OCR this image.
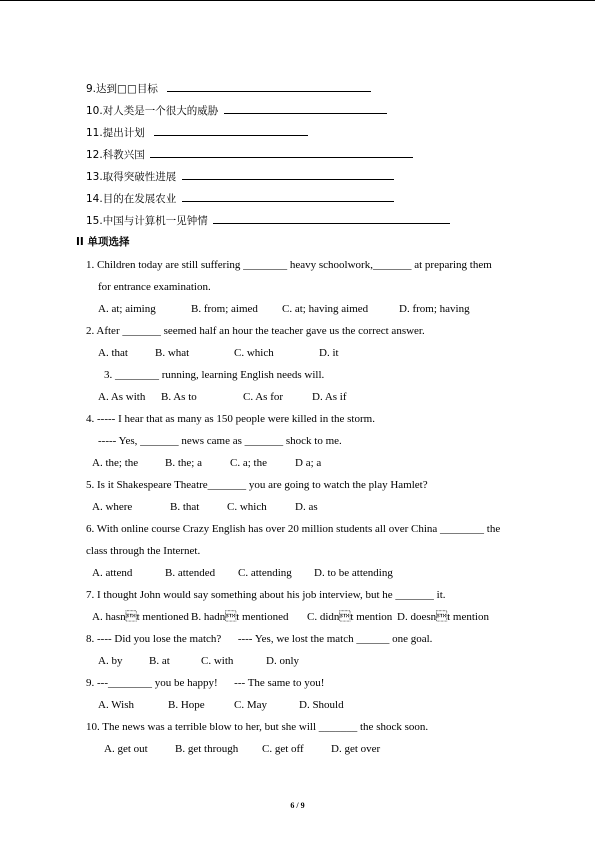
9.达到□□目标
10.对人类是一个很大的威胁
11.提出计划
12.科教兴国
13.取得突破性进展
14.目的在发展农业
15.中国与计算机一见钟情
II 单项选择
1. Children today are still suffering ________ heavy schoolwork,_______ at preparing them
for entrance examination.
A. at; aiming	B. from; aimed C. at; having aimed	D. from; having
2. After _______ seemed half an hour the teacher gave us the correct answer.
A. that B. what	C. which	D. it
3. ________ running, learning English needs will.
A. As with B. As to	C. As for	D. As if
4. ----- I hear that as many as 150 people were killed in the storm.
----- Yes, _______ news came as _______ shock to me.
A. the; the B. the; a	C. a; the	D a; a
5. Is it Shakespeare Theatre_______ you are going to watch the play Hamlet?
A. where	B. that	C. which	D. as
6. With online course Crazy English has over 20 million students all over China ________ the
class through the Internet.
A. attend	B. attended C. attending D. to be attending
7. I thought John would say something about his job interview, but he _______ it.
A. hasnt mentioned B. hadnt mentioned C. didnt mention D. doesnt mention
8. ---- Did you lose the match?      ---- Yes, we lost the match ______ one goal.
A. by B. at	C. with	D. only
9. ---________ you be happy!      --- The same to you!
A. Wish	B. Hope	C. May	D. Should
10. The news was a terrible blow to her, but she will _______ the shock soon.
A. get out B. get through C. get off D. get over
6 / 9
